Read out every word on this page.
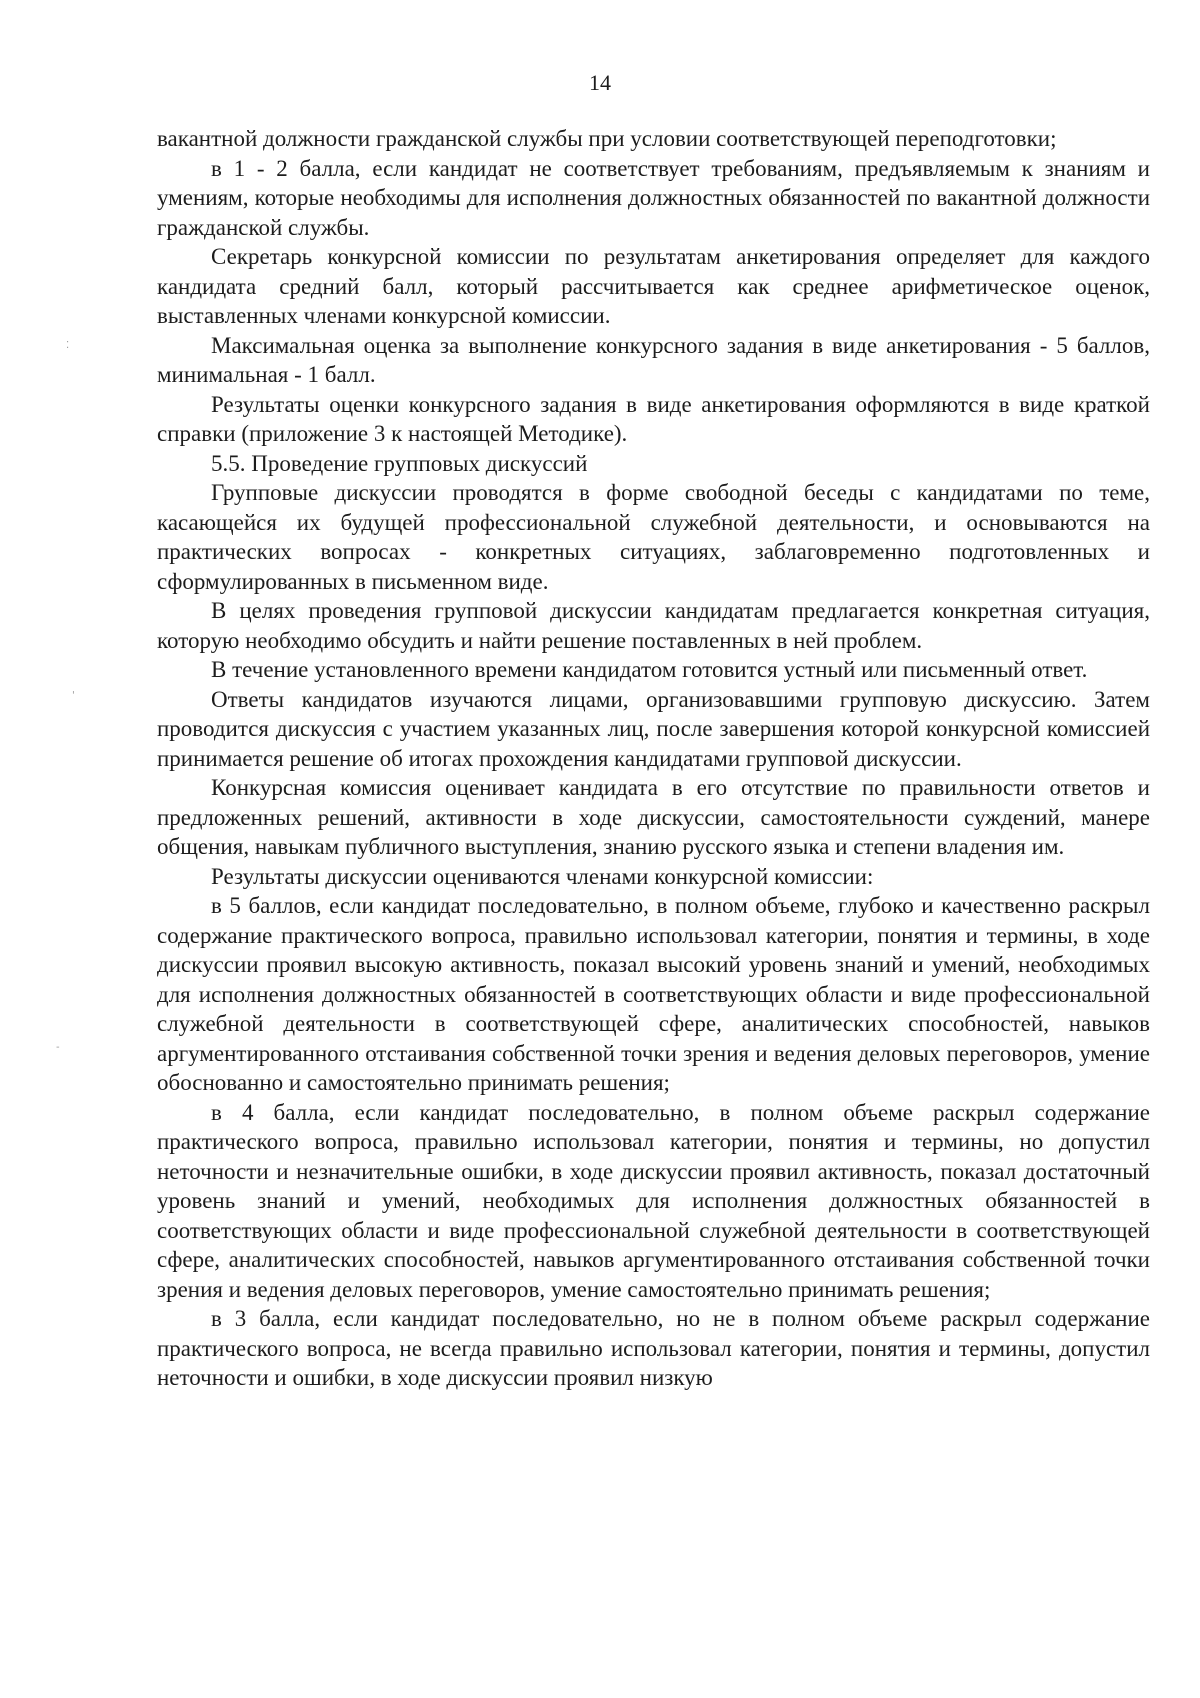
14

вакантной должности гражданской службы при условии соответствующей переподготовки;

в 1 - 2 балла, если кандидат не соответствует требованиям, предъявляемым к знаниям и умениям, которые необходимы для исполнения должностных обязанностей по вакантной должности гражданской службы.

Секретарь конкурсной комиссии по результатам анкетирования определяет для каждого кандидата средний балл, который рассчитывается как среднее арифметическое оценок, выставленных членами конкурсной комиссии.

Максимальная оценка за выполнение конкурсного задания в виде анкетирования - 5 баллов, минимальная - 1 балл.

Результаты оценки конкурсного задания в виде анкетирования оформляются в виде краткой справки (приложение 3 к настоящей Методике).

5.5. Проведение групповых дискуссий

Групповые дискуссии проводятся в форме свободной беседы с кандидатами по теме, касающейся их будущей профессиональной служебной деятельности, и основываются на практических вопросах - конкретных ситуациях, заблаговременно подготовленных и сформулированных в письменном виде.

В целях проведения групповой дискуссии кандидатам предлагается конкретная ситуация, которую необходимо обсудить и найти решение поставленных в ней проблем.

В течение установленного времени кандидатом готовится устный или письменный ответ.

Ответы кандидатов изучаются лицами, организовавшими групповую дискуссию. Затем проводится дискуссия с участием указанных лиц, после завершения которой конкурсной комиссией принимается решение об итогах прохождения кандидатами групповой дискуссии.

Конкурсная комиссия оценивает кандидата в его отсутствие по правильности ответов и предложенных решений, активности в ходе дискуссии, самостоятельности суждений, манере общения, навыкам публичного выступления, знанию русского языка и степени владения им.

Результаты дискуссии оцениваются членами конкурсной комиссии:

в 5 баллов, если кандидат последовательно, в полном объеме, глубоко и качественно раскрыл содержание практического вопроса, правильно использовал категории, понятия и термины, в ходе дискуссии проявил высокую активность, показал высокий уровень знаний и умений, необходимых для исполнения должностных обязанностей в соответствующих области и виде профессиональной служебной деятельности в соответствующей сфере, аналитических способностей, навыков аргументированного отстаивания собственной точки зрения и ведения деловых переговоров, умение обоснованно и самостоятельно принимать решения;

в 4 балла, если кандидат последовательно, в полном объеме раскрыл содержание практического вопроса, правильно использовал категории, понятия и термины, но допустил неточности и незначительные ошибки, в ходе дискуссии проявил активность, показал достаточный уровень знаний и умений, необходимых для исполнения должностных обязанностей в соответствующих области и виде профессиональной служебной деятельности в соответствующей сфере, аналитических способностей, навыков аргументированного отстаивания собственной точки зрения и ведения деловых переговоров, умение самостоятельно принимать решения;

в 3 балла, если кандидат последовательно, но не в полном объеме раскрыл содержание практического вопроса, не всегда правильно использовал категории, понятия и термины, допустил неточности и ошибки, в ходе дискуссии проявил низкую

⁚
'
-
